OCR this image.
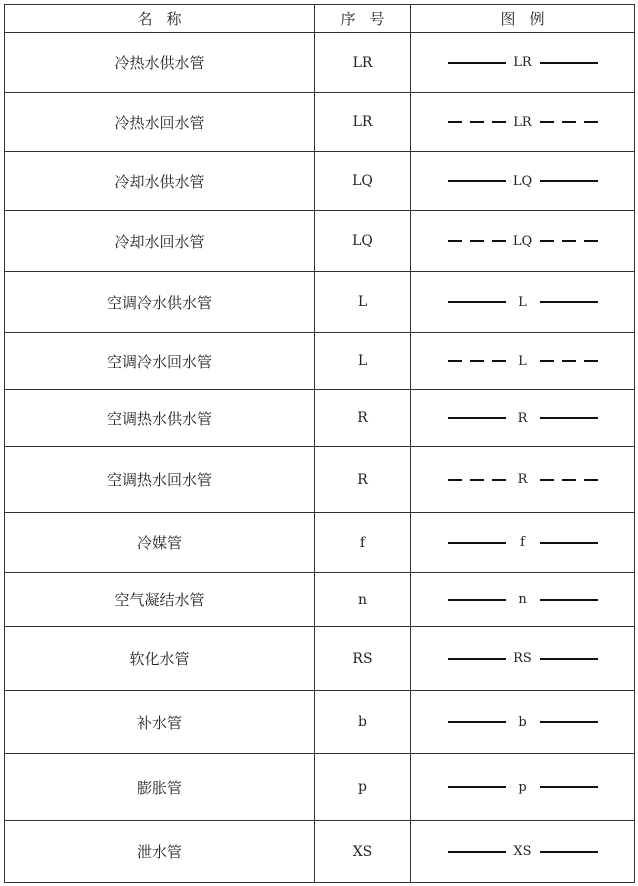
名称	序号	图例
冷热水供水管	LR	LR

冷热水回水管	LR	LR

冷却水供水管	LQ	LQ

冷却水回水管	LQ	LQ

空调冷水供水管	L	L

空调冷水回水管	L	L

空调热水供水管	R	R

空调热水回水管	R	R

冷媒管	f	f

空气凝结水管	n	n

软化水管	RS	RS

补水管	b	b

膨胀管	p	p

泄水管	XS	XS
